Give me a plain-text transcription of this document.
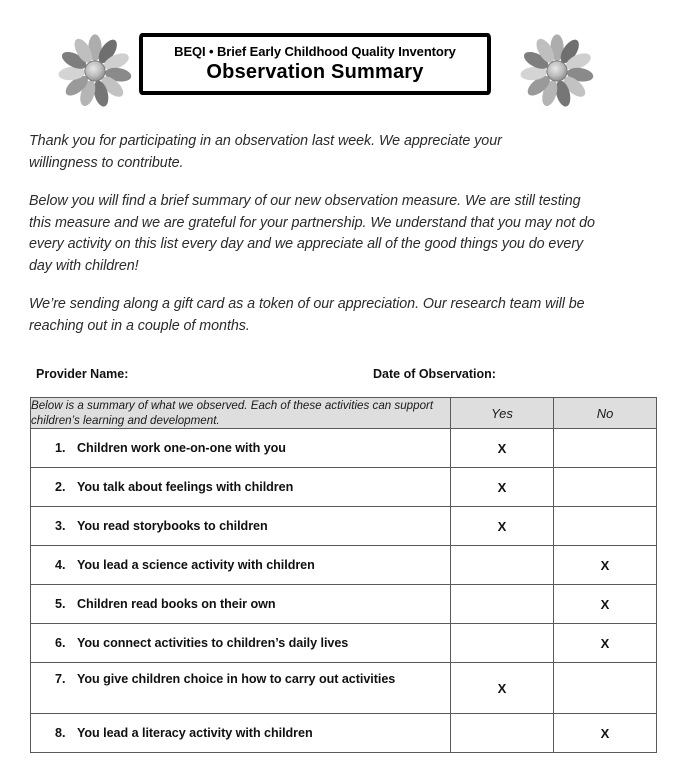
BEQI • Brief Early Childhood Quality Inventory
Observation Summary

Thank you for participating in an observation last week. We appreciate your willingness to contribute.

Below you will find a brief summary of our new observation measure. We are still testing this measure and we are grateful for your partnership. We understand that you may not do every activity on this list every day and we appreciate all of the good things you do every day with children!

We’re sending along a gift card as a token of our appreciation. Our research team will be reaching out in a couple of months.

Provider Name:	Date of Observation:
Below is a summary of what we observed. Each of these activities can support children’s learning and development.	Yes	No

1. Children work one-on-one with you	X	

2. You talk about feelings with children	X	

3. You read storybooks to children	X	

4. You lead a science activity with children		X

5. Children read books on their own		X

6. You connect activities to children’s daily lives		X

7. You give children choice in how to carry out activities	X	

8. You lead a literacy activity with children		X
